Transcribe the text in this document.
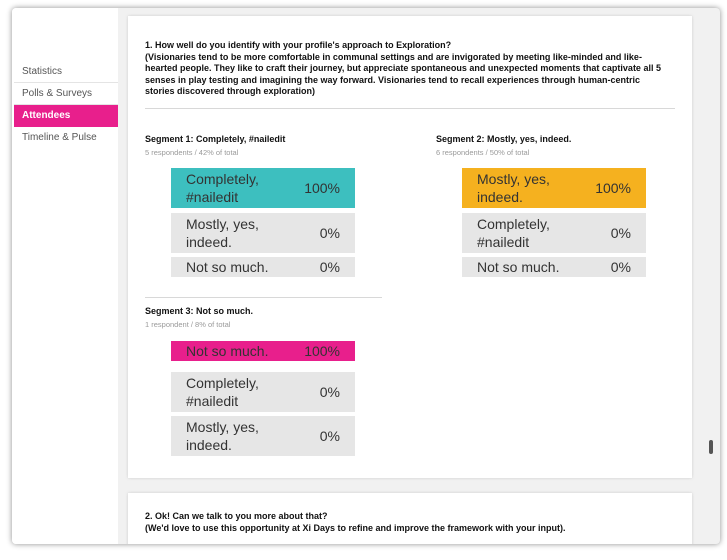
Statistics
Polls & Surveys
Attendees
Timeline & Pulse
1. How well do you identify with your profile's approach to Exploration?
(Visionaries tend to be more comfortable in communal settings and are invigorated by meeting like-minded and like-
hearted people. They like to craft their journey, but appreciate spontaneous and unexpected moments that captivate all 5
senses in play testing and imagining the way forward. Visionaries tend to recall experiences through human-centric
stories discovered through exploration)
Segment 1: Completely, #nailedit
5 respondents / 42% of total
Completely,
#nailedit
100%
Mostly, yes,
indeed.
0%
Not so much.	0%
Segment 2: Mostly, yes, indeed.
6 respondents / 50% of total
Mostly, yes,
indeed.
100%
Completely,
#nailedit
0%
Not so much.	0%
Segment 3: Not so much.
1 respondent / 8% of total
Not so much.	100%
Completely,
#nailedit
0%
Mostly, yes,
indeed.
0%
2. Ok! Can we talk to you more about that?
(We'd love to use this opportunity at Xi Days to refine and improve the framework with your input).
